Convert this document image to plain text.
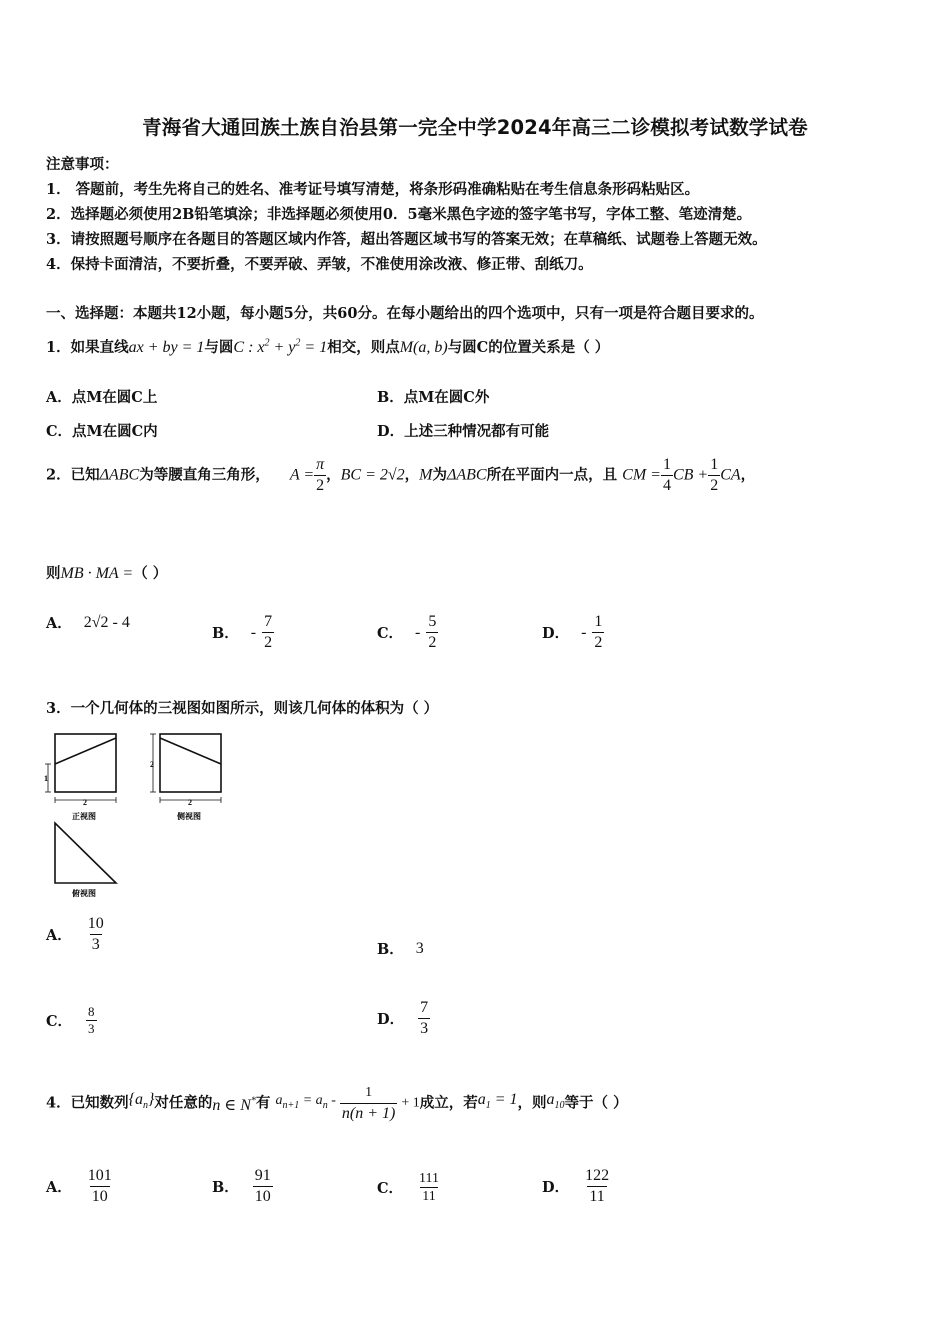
青海省大通回族土族自治县第一完全中学2024年高三二诊模拟考试数学试卷
注意事项：
1． 答题前，考生先将自己的姓名、准考证号填写清楚，将条形码准确粘贴在考生信息条形码粘贴区。
2．选择题必须使用2B铅笔填涂；非选择题必须使用0．5毫米黑色字迹的签字笔书写，字体工整、笔迹清楚。
3．请按照题号顺序在各题目的答题区域内作答，超出答题区域书写的答案无效；在草稿纸、试题卷上答题无效。
4．保持卡面清洁，不要折叠，不要弄破、弄皱，不准使用涂改液、修正带、刮纸刀。
一、选择题：本题共12小题，每小题5分，共60分。在每小题给出的四个选项中，只有一项是符合题目要求的。
1．如果直线ax + by = 1与圆C : $x^2 + y^2 = 1$相交，则点M(a, b)与圆C的位置关系是（ ）
A．点M在圆C上	B．点M在圆C外
C．点M在圆C内	D．上述三种情况都有可能
2．已知ΔABC为等腰直角三角形， $A = \frac{\pi}{2}$ ，BC = 2√2，M为ΔABC所在平面内一点，且 CM = $\frac{1}{4}$ CB + $\frac{1}{2}$ CA，
则MB · MA =（ ）
A． 2√2 - 4
B． - $\frac{7}{2}$	C． - $\frac{5}{2}$	D． - $\frac{1}{2}$
3．一个几何体的三视图如图所示，则该几何体的体积为（ ）
1
2
正视图
2
2
侧视图
俯视图
A． $\frac{10}{3}$	B． 3
C． $\frac{8}{3}$	D． $\frac{7}{3}$
4．已知数列$\{a_n\}$对任意的n ∈ N*有 $a_{n+1} = a_n - \frac{1}{n(n + 1)} + 1$成立，若$a_1 = 1$，则$a_{10}$等于（ ）
A． $\frac{101}{10}$	B． $\frac{91}{10}$	C． $\frac{111}{11}$	D． $\frac{122}{11}$
